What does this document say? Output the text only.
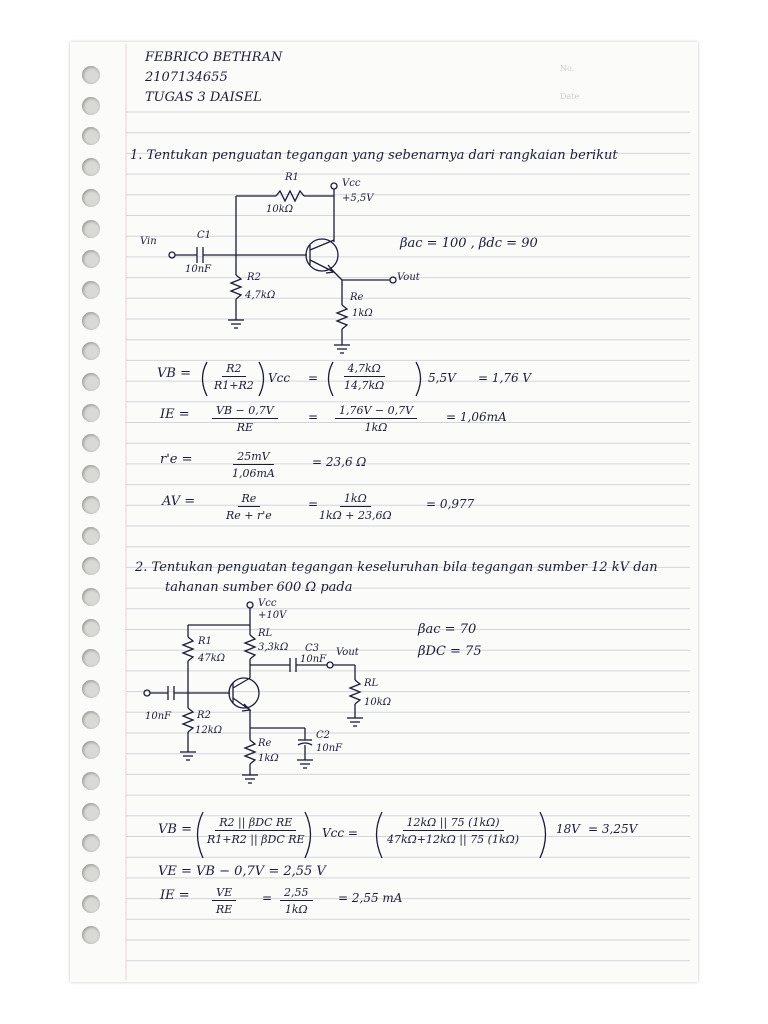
FEBRICO BETHRAN
2107134655
TUGAS 3 DAISEL
No.
Date
1. Tentukan penguatan tegangan yang sebenarnya dari rangkaian berikut
R1
10kΩ
Vcc
+5,5V
Vin
C1
10nF
R2
4,7kΩ
Vout
Re
1kΩ
βac = 100 , βdc = 90
VB = $\frac{R2}{R1+R2}$ Vcc = $\frac{4,7k\Omega}{14,7k\Omega}$	5,5V = 1,76 V
IE = $\frac{VB - 0,7V}{RE}$	= $\frac{1,76V - 0,7V}{1k\Omega} = 1,06mA$
r'e =	$\frac{25mV}{1,06mA}$	= 23,6 Ω
AV = $\frac{Re}{Re + r'e}$	=
$\frac{1k\Omega}{1k\Omega + 23,6\Omega}$	= 0,977
2. Tentukan penguatan tegangan keseluruhan bila tegangan sumber 12 kV dan
tahanan sumber 600 Ω pada
Vcc
+10V
R1
47kΩ
RL
3,3kΩ C3
10nF
Vout
RL
10kΩ
10nF	R2
12kΩ
Re
1kΩ
C2
10nF
βac = 70
βDC = 75
VB =	R2 || βDC RE
R1+R2 || βDC RE	Vcc = $\frac{12k\Omega || 75 (1k\Omega)}{47k\Omega+12k\Omega || 75 (1k\Omega)}$	18V = 3,25V
VE = VB − 0,7V = 2,55 V
IE = $\frac{VE}{RE} = \frac{2,55}{1k\Omega} = 2,55$ mA
